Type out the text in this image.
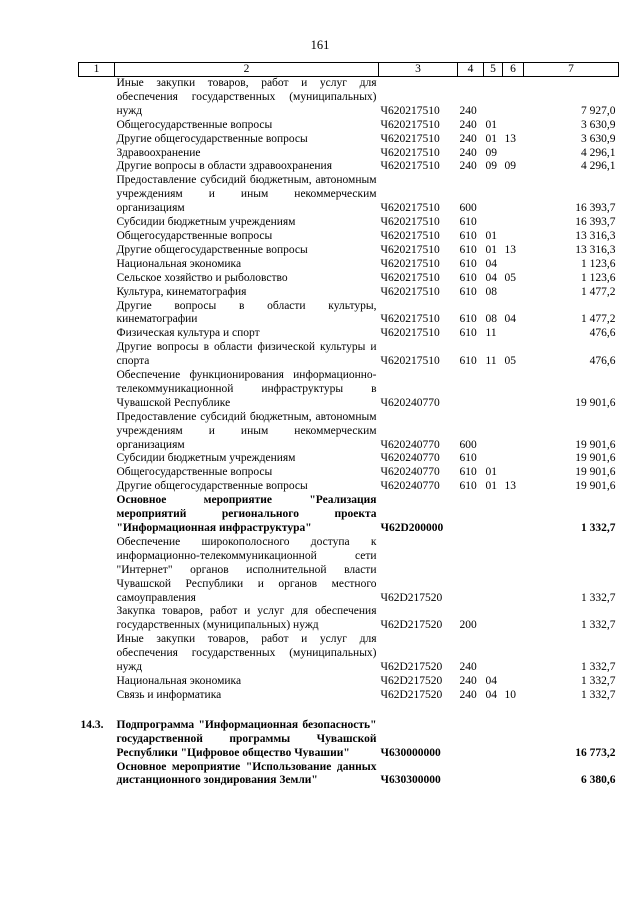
161
1	2	3	4	5	6	7
	Иные закупки товаров, работ и услуг для обеспечения государственных (муниципальных) нужд	Ч620217510	240			7 927,0
	Общегосударственные вопросы	Ч620217510	240	01		3 630,9
	Другие общегосударственные вопросы	Ч620217510	240	01	13	3 630,9
	Здравоохранение	Ч620217510	240	09		4 296,1
	Другие вопросы в области здравоохранения	Ч620217510	240	09	09	4 296,1
	Предоставление субсидий бюджетным, автономным учреждениям и иным некоммерческим организациям	Ч620217510	600			16 393,7
	Субсидии бюджетным учреждениям	Ч620217510	610			16 393,7
	Общегосударственные вопросы	Ч620217510	610	01		13 316,3
	Другие общегосударственные вопросы	Ч620217510	610	01	13	13 316,3
	Национальная экономика	Ч620217510	610	04		1 123,6
	Сельское хозяйство и рыболовство	Ч620217510	610	04	05	1 123,6
	Культура, кинематография	Ч620217510	610	08		1 477,2
	Другие вопросы в области культуры, кинематографии	Ч620217510	610	08	04	1 477,2
	Физическая культура и спорт	Ч620217510	610	11		476,6
	Другие вопросы в области физической культуры и спорта	Ч620217510	610	11	05	476,6
	Обеспечение функционирования информационно-телекоммуникационной инфраструктуры в Чувашской Республике	Ч620240770				19 901,6
	Предоставление субсидий бюджетным, автономным учреждениям и иным некоммерческим организациям	Ч620240770	600			19 901,6
	Субсидии бюджетным учреждениям	Ч620240770	610			19 901,6
	Общегосударственные вопросы	Ч620240770	610	01		19 901,6
	Другие общегосударственные вопросы	Ч620240770	610	01	13	19 901,6
	Основное мероприятие "Реализация мероприятий регионального проекта "Информационная инфраструктура"	Ч62D200000				1 332,7
	Обеспечение широкополосного доступа к информационно-телекоммуникационной сети "Интернет" органов исполнительной власти Чувашской Республики и органов местного самоуправления	Ч62D217520				1 332,7
	Закупка товаров, работ и услуг для обеспечения государственных (муниципальных) нужд	Ч62D217520	200			1 332,7
	Иные закупки товаров, работ и услуг для обеспечения государственных (муниципальных) нужд	Ч62D217520	240			1 332,7
	Национальная экономика	Ч62D217520	240	04		1 332,7
	Связь и информатика	Ч62D217520	240	04	10	1 332,7

14.3.	Подпрограмма "Информационная безопасность" государственной программы Чувашской Республики "Цифровое общество Чувашии"	Ч630000000				16 773,2
	Основное мероприятие "Использование данных дистанционного зондирования Земли"	Ч630300000				6 380,6
